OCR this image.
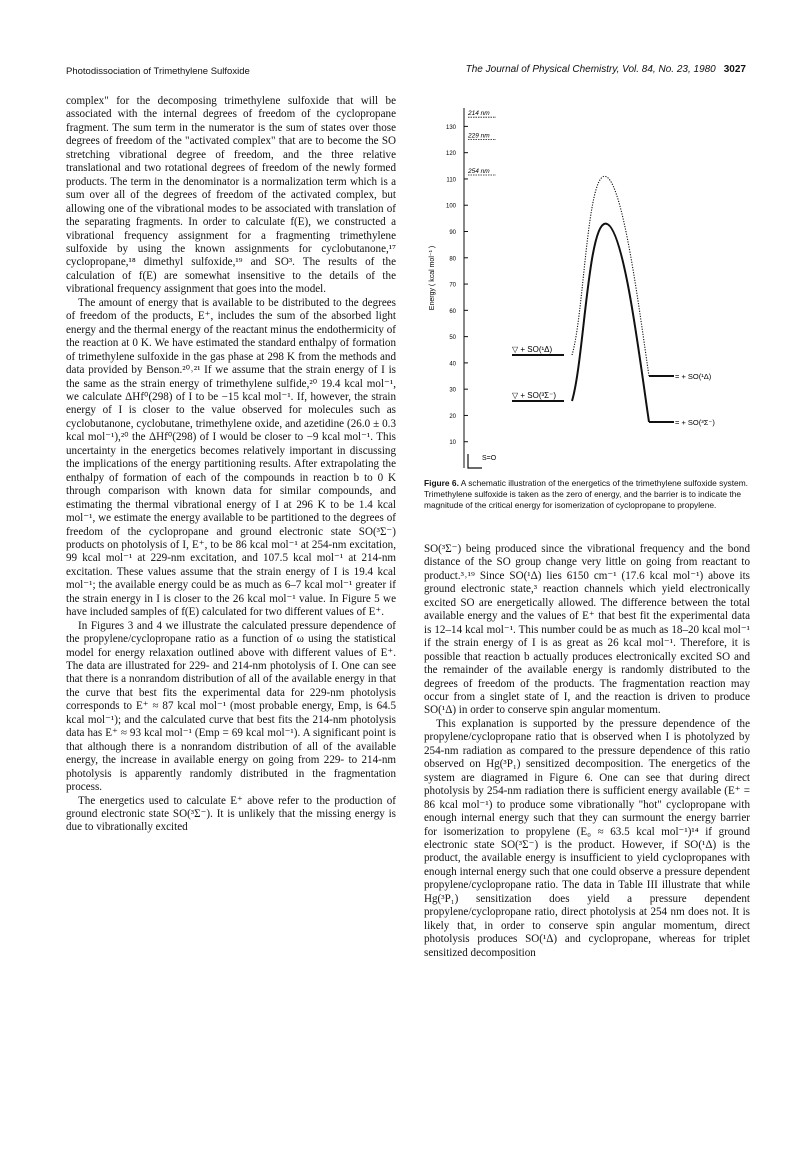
Photodissociation of Trimethylene Sulfoxide	The Journal of Physical Chemistry, Vol. 84, No. 23, 1980 3027

complex" for the decomposing trimethylene sulfoxide that will be associated with the internal degrees of freedom of the cyclopropane fragment. The sum term in the numerator is the sum of states over those degrees of freedom of the "activated complex" that are to become the SO stretching vibrational degree of freedom, and the three relative translational and two rotational degrees of freedom of the newly formed products. The term in the denominator is a normalization term which is a sum over all of the degrees of freedom of the activated complex, but allowing one of the vibrational modes to be associated with translation of the separating fragments. In order to calculate f(E), we constructed a vibrational frequency assignment for a fragmenting trimethylene sulfoxide by using the known assignments for cyclobutanone,¹⁷ cyclopropane,¹⁸ dimethyl sulfoxide,¹⁹ and SO³. The results of the calculation of f(E) are somewhat insensitive to the details of the vibrational frequency assignment that goes into the model.

The amount of energy that is available to be distributed to the degrees of freedom of the products, E⁺, includes the sum of the absorbed light energy and the thermal energy of the reactant minus the endothermicity of the reaction at 0 K. We have estimated the standard enthalpy of formation of trimethylene sulfoxide in the gas phase at 298 K from the methods and data provided by Benson.²⁰˒²¹ If we assume that the strain energy of I is the same as the strain energy of trimethylene sulfide,²⁰ 19.4 kcal mol⁻¹, we calculate ΔHf⁰(298) of I to be −15 kcal mol⁻¹. If, however, the strain energy of I is closer to the value observed for molecules such as cyclobutanone, cyclobutane, trimethylene oxide, and azetidine (26.0 ± 0.3 kcal mol⁻¹),²⁰ the ΔHf⁰(298) of I would be closer to −9 kcal mol⁻¹. This uncertainty in the energetics becomes relatively important in discussing the implications of the energy partitioning results. After extrapolating the enthalpy of formation of each of the compounds in reaction b to 0 K through comparison with known data for similar compounds, and estimating the thermal vibrational energy of I at 296 K to be 1.4 kcal mol⁻¹, we estimate the energy available to be partitioned to the degrees of freedom of the cyclopropane and ground electronic state SO(³Σ⁻) products on photolysis of I, E⁺, to be 86 kcal mol⁻¹ at 254-nm excitation, 99 kcal mol⁻¹ at 229-nm excitation, and 107.5 kcal mol⁻¹ at 214-nm excitation. These values assume that the strain energy of I is 19.4 kcal mol⁻¹; the available energy could be as much as 6–7 kcal mol⁻¹ greater if the strain energy in I is closer to the 26 kcal mol⁻¹ value. In Figure 5 we have included samples of f(E) calculated for two different values of E⁺.

In Figures 3 and 4 we illustrate the calculated pressure dependence of the propylene/cyclopropane ratio as a function of ω using the statistical model for energy relaxation outlined above with different values of E⁺. The data are illustrated for 229- and 214-nm photolysis of I. One can see that there is a nonrandom distribution of all of the available energy in that the curve that best fits the experimental data for 229-nm photolysis corresponds to E⁺ ≈ 87 kcal mol⁻¹ (most probable energy, Emp, is 64.5 kcal mol⁻¹); and the calculated curve that best fits the 214-nm photolysis data has E⁺ ≈ 93 kcal mol⁻¹ (Emp = 69 kcal mol⁻¹). A significant point is that although there is a nonrandom distribution of all of the available energy, the increase in available energy on going from 229- to 214-nm photolysis is apparently randomly distributed in the fragmentation process.

The energetics used to calculate E⁺ above refer to the production of ground electronic state SO(³Σ⁻). It is unlikely that the missing energy is due to vibrationally excited

10
20
30
40
50
60
70
80
90
100
110
120
130
Energy ( kcal mol⁻¹ )
214 nm
229 nm
254 nm
S=O
▽ + SO(¹Δ)
▽ + SO(³Σ⁻)
= + SO(¹Δ)
= + SO(³Σ⁻)
Figure 6. A schematic illustration of the energetics of the trimethylene sulfoxide system. Trimethylene sulfoxide is taken as the zero of energy, and the barrier is to indicate the magnitude of the critical energy for isomerization of cyclopropane to propylene.

SO(³Σ⁻) being produced since the vibrational frequency and the bond distance of the SO group change very little on going from reactant to product.³˒¹⁹ Since SO(¹Δ) lies 6150 cm⁻¹ (17.6 kcal mol⁻¹) above its ground electronic state,³ reaction channels which yield electronically excited SO are energetically allowed. The difference between the total available energy and the values of E⁺ that best fit the experimental data is 12–14 kcal mol⁻¹. This number could be as much as 18–20 kcal mol⁻¹ if the strain energy of I is as great as 26 kcal mol⁻¹. Therefore, it is possible that reaction b actually produces electronically excited SO and the remainder of the available energy is randomly distributed to the degrees of freedom of the products. The fragmentation reaction may occur from a singlet state of I, and the reaction is driven to produce SO(¹Δ) in order to conserve spin angular momentum.

This explanation is supported by the pressure dependence of the propylene/cyclopropane ratio that is observed when I is photolyzed by 254-nm radiation as compared to the pressure dependence of this ratio observed on Hg(³P₁) sensitized decomposition. The energetics of the system are diagramed in Figure 6. One can see that during direct photolysis by 254-nm radiation there is sufficient energy available (E⁺ = 86 kcal mol⁻¹) to produce some vibrationally "hot" cyclopropane with enough internal energy such that they can surmount the energy barrier for isomerization to propylene (E₀ ≈ 63.5 kcal mol⁻¹)¹⁴ if ground electronic state SO(³Σ⁻) is the product. However, if SO(¹Δ) is the product, the available energy is insufficient to yield cyclopropanes with enough internal energy such that one could observe a pressure dependent propylene/cyclopropane ratio. The data in Table III illustrate that while Hg(³P₁) sensitization does yield a pressure dependent propylene/cyclopropane ratio, direct photolysis at 254 nm does not. It is likely that, in order to conserve spin angular momentum, direct photolysis produces SO(¹Δ) and cyclopropane, whereas for triplet sensitized decomposition
